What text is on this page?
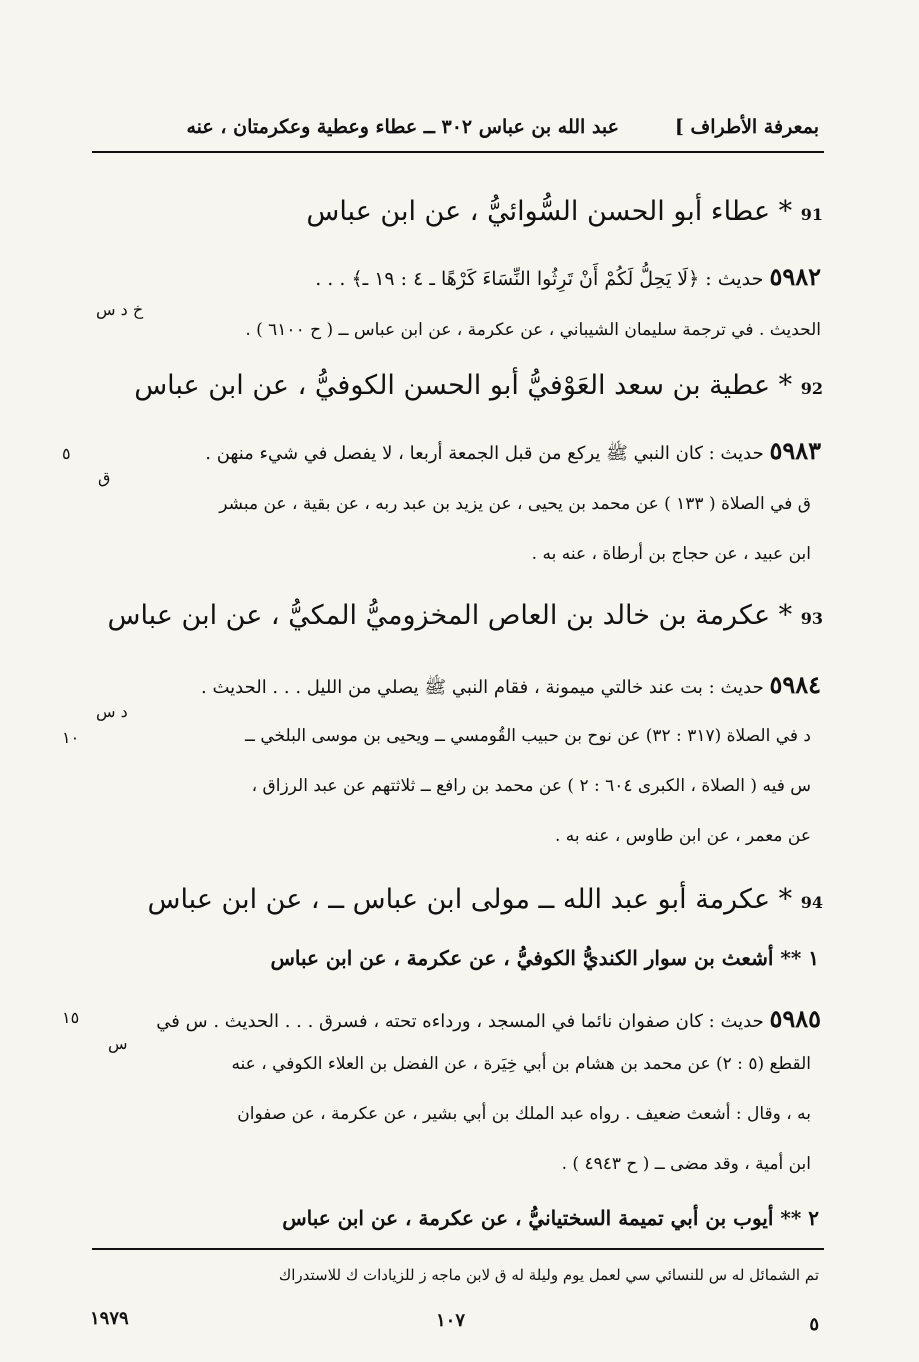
بمعرفة الأطراف ]
عبد الله بن عباس ٣٠٢ ــ عطاء وعطية وعكرمتان ، عنه
91 * عطاء أبو الحسن السُّوائيُّ ، عن ابن عباس
٥٩٨٢ حديث : ﴿لَا يَحِلُّ لَكُمْ أَنْ تَرِثُوا النِّسَاءَ كَرْهًا ـ ٤ : ١٩ ـ﴾ . . .
خ د س
الحديث . في ترجمة سليمان الشيباني ، عن عكرمة ، عن ابن عباس ــ ( ح ٦١٠٠ ) .
92 * عطية بن سعد العَوْفيُّ أبو الحسن الكوفيُّ ، عن ابن عباس
٥٩٨٣ حديث : كان النبي ﷺ يركع من قبل الجمعة أربعا ، لا يفصل في شيء منهن .
٥
ق
ق في الصلاة ( ١٣٣ ) عن محمد بن يحيى ، عن يزيد بن عبد ربه ، عن بقية ، عن مبشر
ابن عبيد ، عن حجاج بن أرطاة ، عنه به .
93 * عكرمة بن خالد بن العاص المخزوميُّ المكيُّ ، عن ابن عباس
٥٩٨٤ حديث : بت عند خالتي ميمونة ، فقام النبي ﷺ يصلي من الليل . . . الحديث .
د س
د في الصلاة (٣١٧ : ٣٢) عن نوح بن حبيب القُومسي ــ ويحيى بن موسى البلخي ــ
١٠
س فيه ( الصلاة ، الكبرى ٦٠٤ : ٢ ) عن محمد بن رافع ــ ثلاثتهم عن عبد الرزاق ،
عن معمر ، عن ابن طاوس ، عنه به .
94 * عكرمة أبو عبد الله ــ مولى ابن عباس ــ ، عن ابن عباس
١ ** أشعث بن سوار الكنديُّ الكوفيُّ ، عن عكرمة ، عن ابن عباس
٥٩٨٥ حديث : كان صفوان نائما في المسجد ، ورداءه تحته ، فسرق . . . الحديث . س في
١٥
س
القطع (٥ : ٢) عن محمد بن هشام بن أبي خِيَرة ، عن الفضل بن العلاء الكوفي ، عنه
به ، وقال : أشعث ضعيف . رواه عبد الملك بن أبي بشير ، عن عكرمة ، عن صفوان
ابن أمية ، وقد مضى ــ ( ح ٤٩٤٣ ) .
٢ ** أيوب بن أبي تميمة السختيانيُّ ، عن عكرمة ، عن ابن عباس
تم الشمائل له س للنسائي سي لعمل يوم وليلة له ق لابن ماجه ز للزيادات ك للاستدراك
٥
١٠٧
١٩٧٩
